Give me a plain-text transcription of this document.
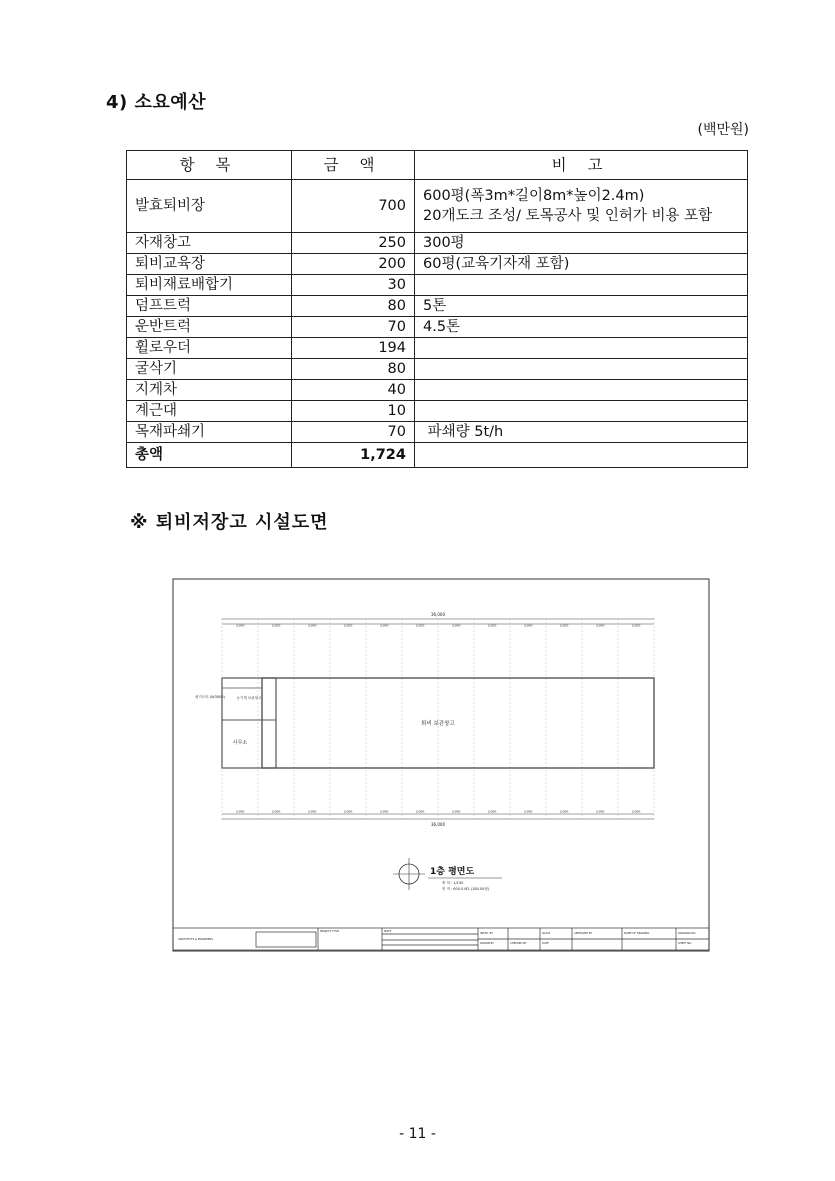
4) 소요예산
(백만원)
항 목	금 액	비 고
발효퇴비장	700	600평(폭3m*길이8m*높이2.4m)
20개도크 조성/ 토목공사 및 인허가 비용 포함

자재창고	250	300평

퇴비교육장	200	60평(교육기자재 포함)

퇴비재료배합기	30	

덤프트럭	80	5톤

운반트럭	70	4.5톤

휠로우더	194	

굴삭기	80	

지게차	40	

계근대	10	

목재파쇄기	70	파쇄량 5t/h

총액	1,724	
※ 퇴비저장고 시설도면
3,000
3,000
3,000
3,000
3,000
3,000
3,000
3,000
3,000
3,000
3,000
3,000
3,000
3,000
3,000
3,000
3,000
3,000
3,000
3,000
3,000
3,000
3,000
3,000
퇴비 보관창고
사무소
농기계 보관창고
평거도어 (W3000)
36,000
36,000
1층 평면도
축 척 : 1/100
면 적 : 600.0 M2 (180.00평)
ARCHITECTS & ENGINEERS
PROJECT TITLE	NOTE
INSTD. BY
DRAWN BY	CHECKED BY
SCALE
DATE
APPROVED BY	NAME OF DRAWING	DRAWING NO.
SHEET NO.
- 11 -
